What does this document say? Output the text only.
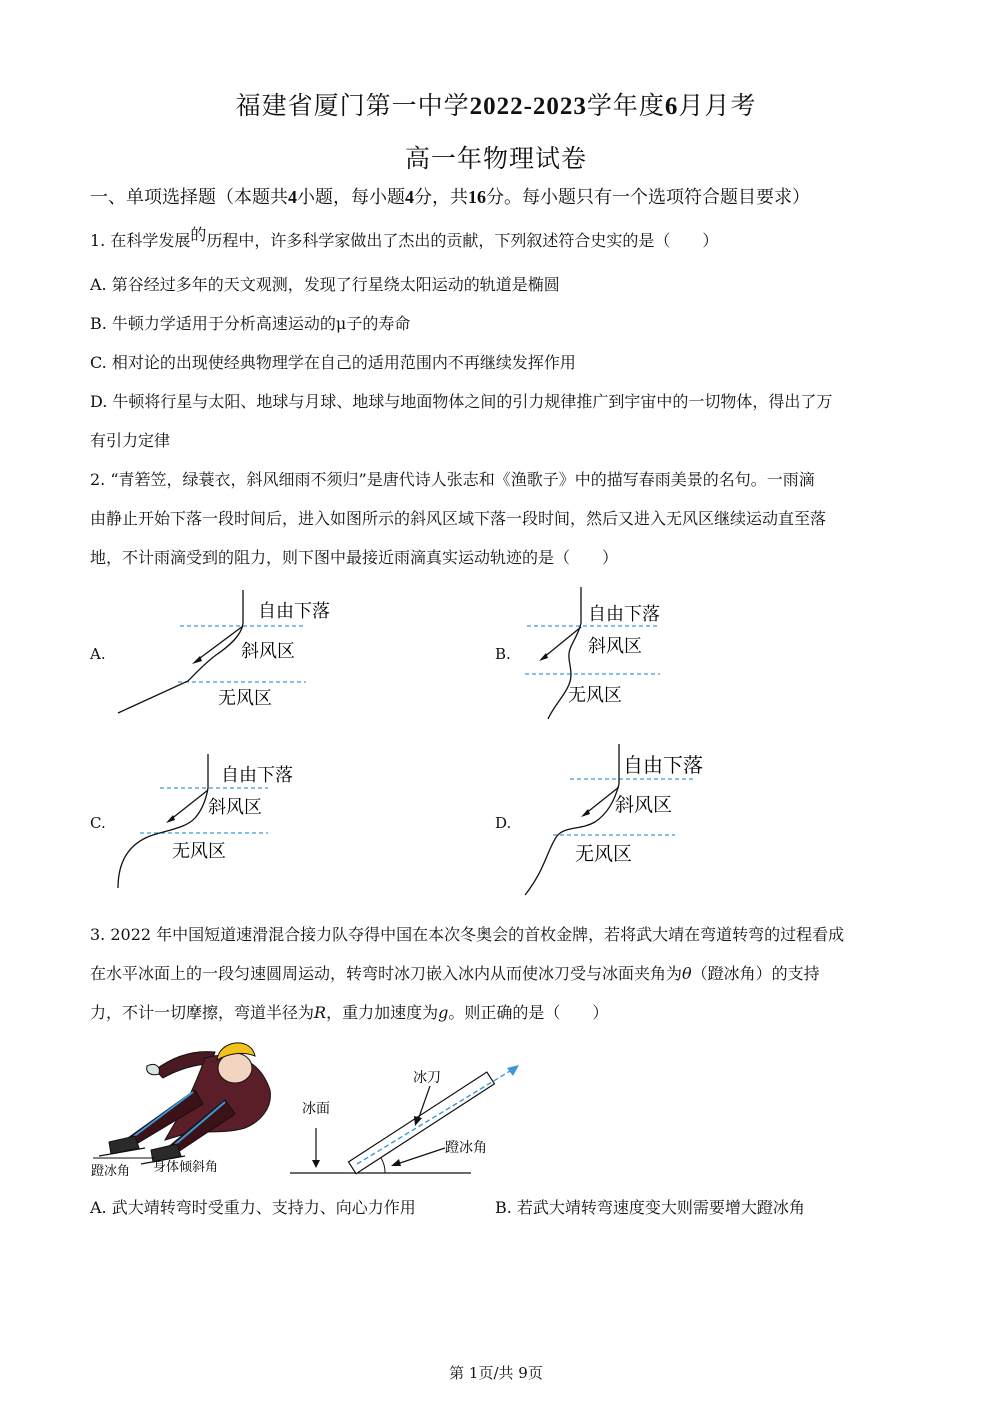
福建省厦门第一中学2022-2023学年度6月月考
高一年物理试卷
一、单项选择题（本题共4小题，每小题4分，共16分。每小题只有一个选项符合题目要求）
1. 在科学发展的历程中，许多科学家做出了杰出的贡献，下列叙述符合史实的是（　　）
A. 第谷经过多年的天文观测，发现了行星绕太阳运动的轨道是椭圆
B. 牛顿力学适用于分析高速运动的μ子的寿命
C. 相对论的出现使经典物理学在自己的适用范围内不再继续发挥作用
D. 牛顿将行星与太阳、地球与月球、地球与地面物体之间的引力规律推广到宇宙中的一切物体，得出了万
有引力定律
2. “青箬笠，绿蓑衣，斜风细雨不须归”是唐代诗人张志和《渔歌子》中的描写春雨美景的名句。一雨滴
由静止开始下落一段时间后，进入如图所示的斜风区域下落一段时间，然后又进入无风区继续运动直至落
地，不计雨滴受到的阻力，则下图中最接近雨滴真实运动轨迹的是（　　）
A.	B.
C.	D.
自由下落
斜风区
无风区
自由下落
斜风区
无风区
自由下落
斜风区
无风区
自由下落
斜风区
无风区
3. 2022 年中国短道速滑混合接力队夺得中国在本次冬奥会的首枚金牌，若将武大靖在弯道转弯的过程看成
在水平冰面上的一段匀速圆周运动，转弯时冰刀嵌入冰内从而使冰刀受与冰面夹角为θ（蹬冰角）的支持
力，不计一切摩擦，弯道半径为R，重力加速度为g。则正确的是（　　）
蹬冰角 身体倾斜角
冰面
冰刀
蹬冰角
A. 武大靖转弯时受重力、支持力、向心力作用	B. 若武大靖转弯速度变大则需要增大蹬冰角
第 1页/共 9页
